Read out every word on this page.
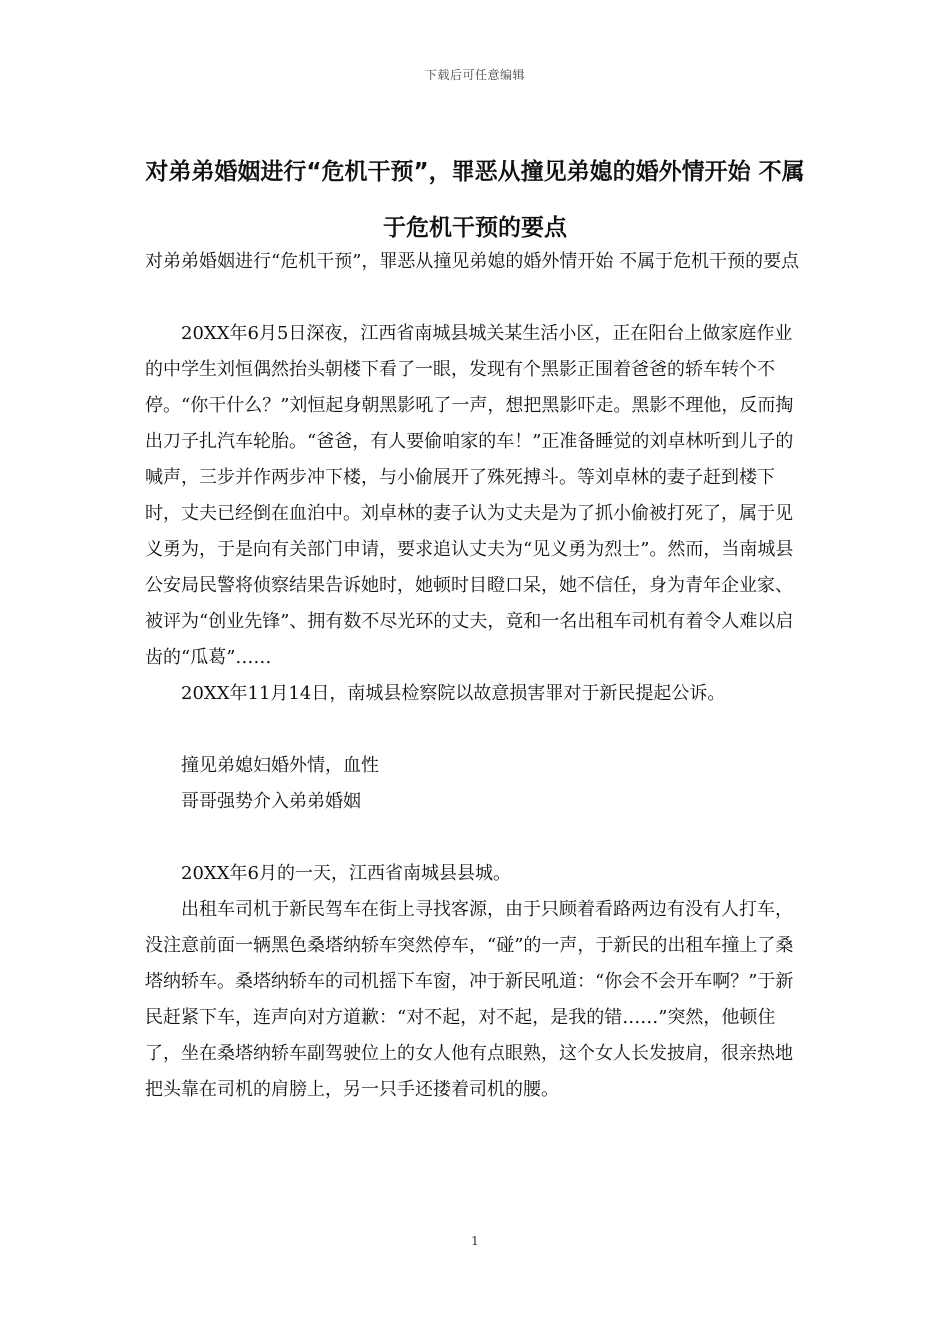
下载后可任意编辑
对弟弟婚姻进行“危机干预”，罪恶从撞见弟媳的婚外情开始 不属于危机干预的要点

对弟弟婚姻进行“危机干预”，罪恶从撞见弟媳的婚外情开始 不属于危机干预的要点

20XX年6月5日深夜，江西省南城县城关某生活小区，正在阳台上做家庭作业的中学生刘恒偶然抬头朝楼下看了一眼，发现有个黑影正围着爸爸的轿车转个不停。“你干什么？”刘恒起身朝黑影吼了一声，想把黑影吓走。黑影不理他，反而掏出刀子扎汽车轮胎。“爸爸，有人要偷咱家的车！”正准备睡觉的刘卓林听到儿子的喊声，三步并作两步冲下楼，与小偷展开了殊死搏斗。等刘卓林的妻子赶到楼下时，丈夫已经倒在血泊中。刘卓林的妻子认为丈夫是为了抓小偷被打死了，属于见义勇为，于是向有关部门申请，要求追认丈夫为“见义勇为烈士”。然而，当南城县公安局民警将侦察结果告诉她时，她顿时目瞪口呆，她不信任，身为青年企业家、被评为“创业先锋”、拥有数不尽光环的丈夫，竟和一名出租车司机有着令人难以启齿的“瓜葛”……

20XX年11月14日，南城县检察院以故意损害罪对于新民提起公诉。

撞见弟媳妇婚外情，血性

哥哥强势介入弟弟婚姻

20XX年6月的一天，江西省南城县县城。

出租车司机于新民驾车在街上寻找客源，由于只顾着看路两边有没有人打车，没注意前面一辆黑色桑塔纳轿车突然停车，“碰”的一声，于新民的出租车撞上了桑塔纳轿车。桑塔纳轿车的司机摇下车窗，冲于新民吼道：“你会不会开车啊？”于新民赶紧下车，连声向对方道歉：“对不起，对不起，是我的错……”突然，他顿住了，坐在桑塔纳轿车副驾驶位上的女人他有点眼熟，这个女人长发披肩，很亲热地把头靠在司机的肩膀上，另一只手还搂着司机的腰。

1
